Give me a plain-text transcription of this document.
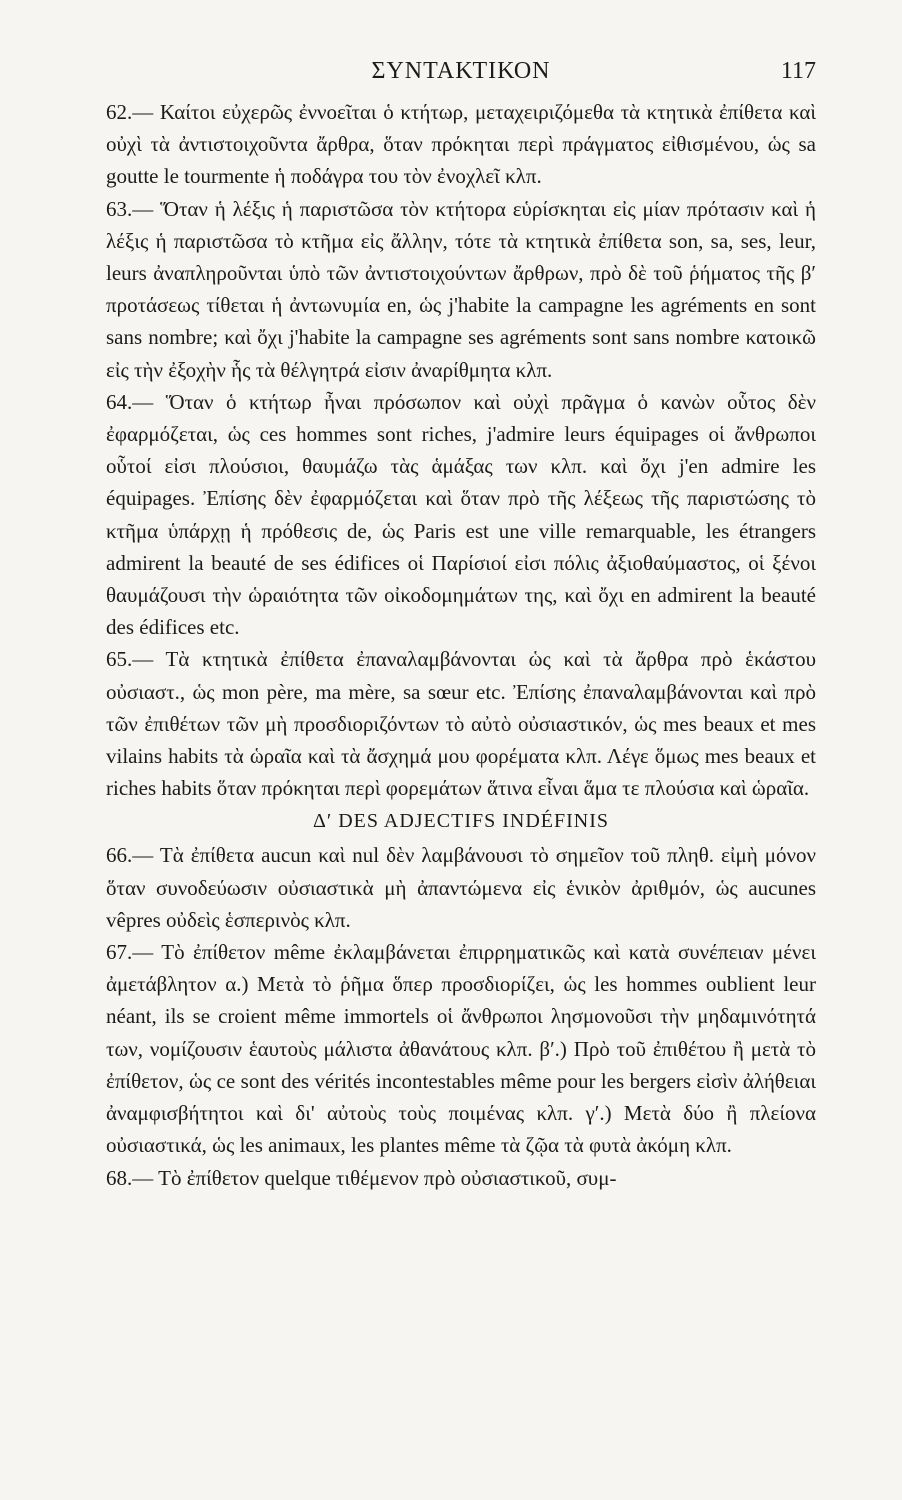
ΣΥΝΤΑΚΤΙΚΟΝ	117

62.— Καίτοι εὐχερῶς ἐννοεῖται ὁ κτήτωρ, μεταχειριζόμεθα τὰ κτητικὰ ἐπίθετα καὶ οὐχὶ τὰ ἀντιστοιχοῦντα ἄρθρα, ὅταν πρόκηται περὶ πράγματος εἰθισμένου, ὡς sa goutte le tourmente ἡ ποδάγρα του τὸν ἐνοχλεῖ κλπ.

63.— Ὅταν ἡ λέξις ἡ παριστῶσα τὸν κτήτορα εὑρίσκηται εἰς μίαν πρότασιν καὶ ἡ λέξις ἡ παριστῶσα τὸ κτῆμα εἰς ἄλλην, τότε τὰ κτητικὰ ἐπίθετα son, sa, ses, leur, leurs ἀναπληροῦνται ὑπὸ τῶν ἀντιστοιχούντων ἄρθρων, πρὸ δὲ τοῦ ῥήματος τῆς β′ προτάσεως τίθεται ἡ ἀντωνυμία en, ὡς j'habite la campagne les agréments en sont sans nombre; καὶ ὄχι j'habite la campagne ses agréments sont sans nombre κατοικῶ εἰς τὴν ἐξοχὴν ἧς τὰ θέλγητρά εἰσιν ἀναρίθμητα κλπ.

64.— Ὅταν ὁ κτήτωρ ἦναι πρόσωπον καὶ οὐχὶ πρᾶγμα ὁ κανὼν οὗτος δὲν ἐφαρμόζεται, ὡς ces hommes sont riches, j'admire leurs équipages οἱ ἄνθρωποι οὗτοί εἰσι πλούσιοι, θαυμάζω τὰς ἁμάξας των κλπ. καὶ ὄχι j'en admire les équipages. Ἐπίσης δὲν ἐφαρμόζεται καὶ ὅταν πρὸ τῆς λέξεως τῆς παριστώσης τὸ κτῆμα ὑπάρχῃ ἡ πρόθεσις de, ὡς Paris est une ville remarquable, les étrangers admirent la beauté de ses édifices οἱ Παρίσιοί εἰσι πόλις ἀξιοθαύμαστος, οἱ ξένοι θαυμάζουσι τὴν ὡραιότητα τῶν οἰκοδομημάτων της, καὶ ὄχι en admirent la beauté des édifices etc.

65.— Τὰ κτητικὰ ἐπίθετα ἐπαναλαμβάνονται ὡς καὶ τὰ ἄρθρα πρὸ ἑκάστου οὐσιαστ., ὡς mon père, ma mère, sa sœur etc. Ἐπίσης ἐπαναλαμβάνονται καὶ πρὸ τῶν ἐπιθέτων τῶν μὴ προσδιοριζόντων τὸ αὐτὸ οὐσιαστικόν, ὡς mes beaux et mes vilains habits τὰ ὡραῖα καὶ τὰ ἄσχημά μου φορέματα κλπ. Λέγε ὅμως mes beaux et riches habits ὅταν πρόκηται περὶ φορεμάτων ἅτινα εἶναι ἅμα τε πλούσια καὶ ὡραῖα.

Δ′ DES ADJECTIFS INDÉFINIS

66.— Τὰ ἐπίθετα aucun καὶ nul δὲν λαμβάνουσι τὸ σημεῖον τοῦ πληθ. εἰμὴ μόνον ὅταν συνοδεύωσιν οὐσιαστικὰ μὴ ἀπαντώμενα εἰς ἑνικὸν ἀριθμόν, ὡς aucunes vêpres οὐδεὶς ἑσπερινὸς κλπ.

67.— Τὸ ἐπίθετον même ἐκλαμβάνεται ἐπιρρηματικῶς καὶ κατὰ συνέπειαν μένει ἀμετάβλητον α.) Μετὰ τὸ ῥῆμα ὅπερ προσδιορίζει, ὡς les hommes oublient leur néant, ils se croient même immortels οἱ ἄνθρωποι λησμονοῦσι τὴν μηδαμινότητά των, νομίζουσιν ἑαυτοὺς μάλιστα ἀθανάτους κλπ. β′.) Πρὸ τοῦ ἐπιθέτου ἢ μετὰ τὸ ἐπίθετον, ὡς ce sont des vérités incontestables même pour les bergers εἰσὶν ἀλήθειαι ἀναμφισβήτητοι καὶ δι' αὐτοὺς τοὺς ποιμένας κλπ. γ′.) Μετὰ δύο ἢ πλείονα οὐσιαστικά, ὡς les animaux, les plantes même τὰ ζῷα τὰ φυτὰ ἀκόμη κλπ.

68.— Τὸ ἐπίθετον quelque τιθέμενον πρὸ οὐσιαστικοῦ, συμ-
